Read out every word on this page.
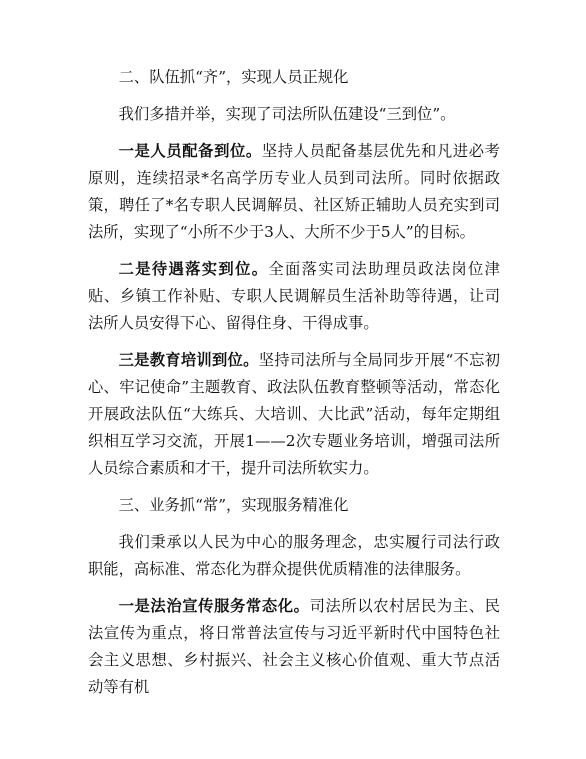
二、队伍抓“齐”，实现人员正规化

我们多措并举，实现了司法所队伍建设“三到位”。

一是人员配备到位。坚持人员配备基层优先和凡进必考原则，连续招录*名高学历专业人员到司法所。同时依据政策，聘任了*名专职人民调解员、社区矫正辅助人员充实到司法所，实现了“小所不少于3人、大所不少于5人”的目标。

二是待遇落实到位。全面落实司法助理员政法岗位津贴、乡镇工作补贴、专职人民调解员生活补助等待遇，让司法所人员安得下心、留得住身、干得成事。

三是教育培训到位。坚持司法所与全局同步开展“不忘初心、牢记使命”主题教育、政法队伍教育整顿等活动，常态化开展政法队伍“大练兵、大培训、大比武”活动，每年定期组织相互学习交流，开展1——2次专题业务培训，增强司法所人员综合素质和才干，提升司法所软实力。

三、业务抓“常”，实现服务精准化

我们秉承以人民为中心的服务理念，忠实履行司法行政职能，高标准、常态化为群众提供优质精准的法律服务。

一是法治宣传服务常态化。司法所以农村居民为主、民法宣传为重点，将日常普法宣传与习近平新时代中国特色社会主义思想、乡村振兴、社会主义核心价值观、重大节点活动等有机
